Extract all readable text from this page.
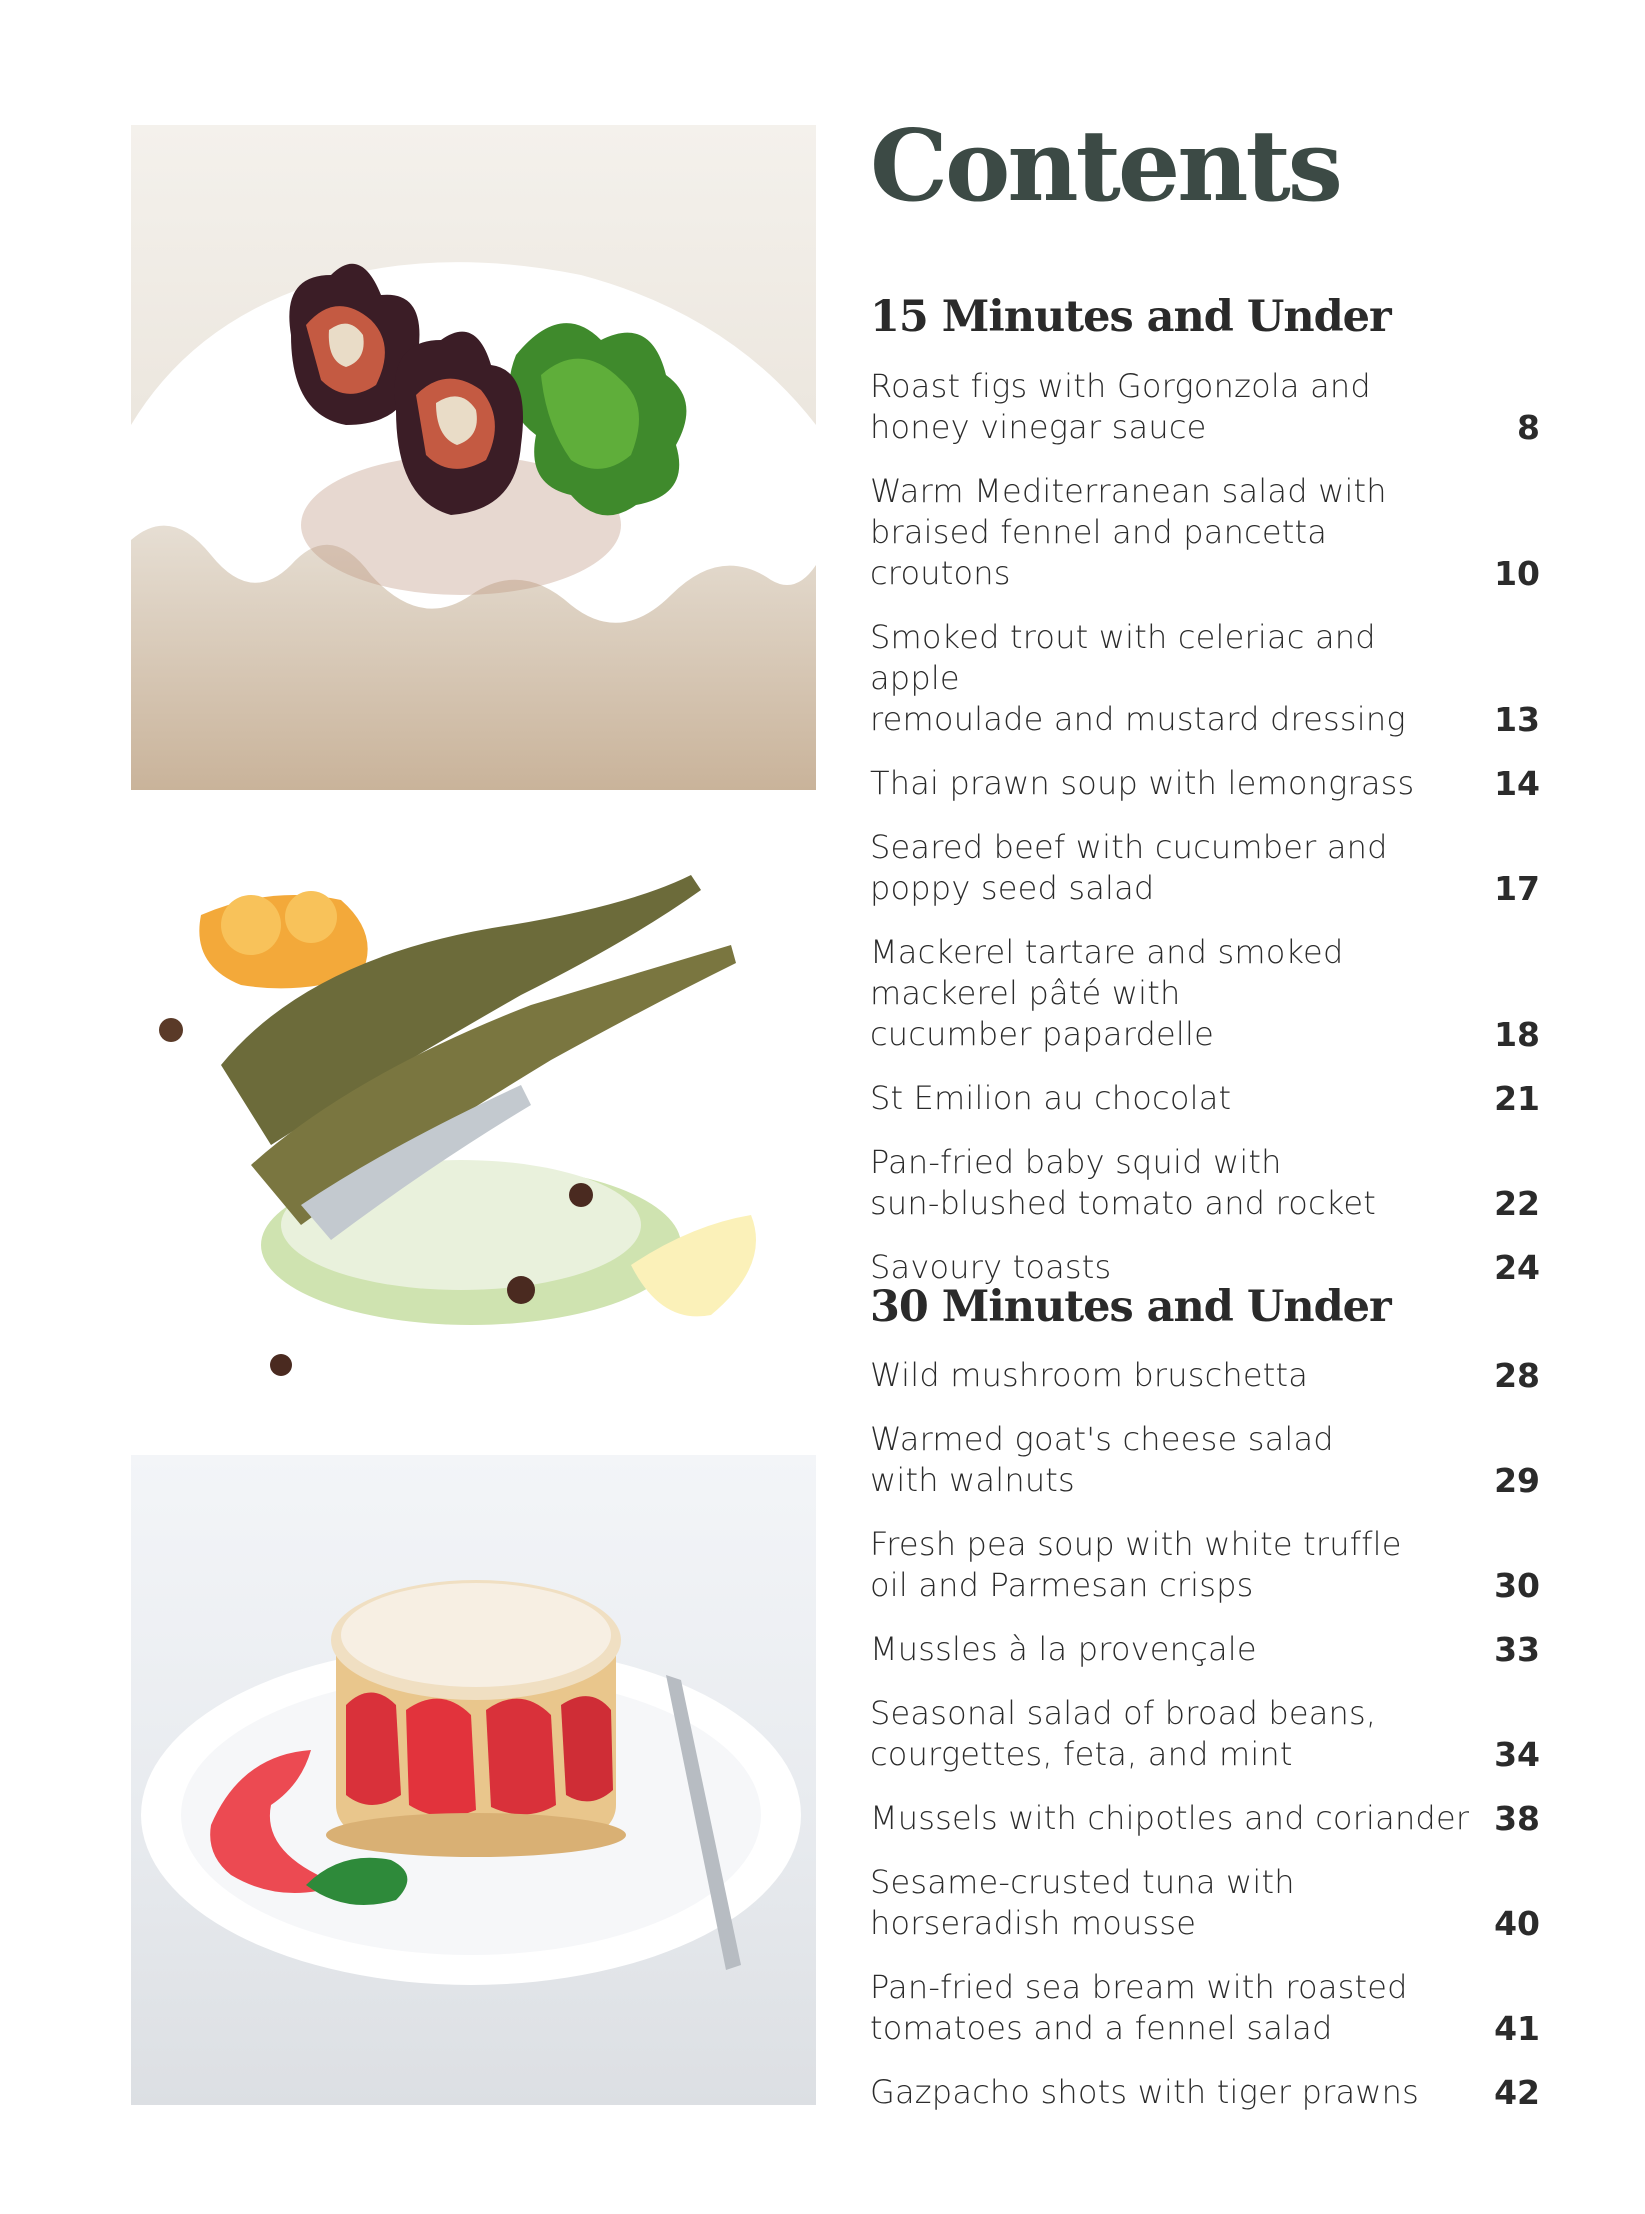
Contents
15 Minutes and Under
Roast figs with Gorgonzola and
honey vinegar sauce	8
Warm Mediterranean salad with
braised fennel and pancetta croutons	10
Smoked trout with celeriac and apple
remoulade and mustard dressing	13
Thai prawn soup with lemongrass	14
Seared beef with cucumber and
poppy seed salad	17
Mackerel tartare and smoked
mackerel pâté with
cucumber papardelle	18
St Emilion au chocolat	21
Pan-fried baby squid with
sun-blushed tomato and rocket	22
Savoury toasts	24
30 Minutes and Under
Wild mushroom bruschetta	28
Warmed goat's cheese salad
with walnuts	29
Fresh pea soup with white truffle
oil and Parmesan crisps	30
Mussles à la provençale	33
Seasonal salad of broad beans,
courgettes, feta, and mint	34
Mussels with chipotles and coriander 38
Sesame-crusted tuna with
horseradish mousse	40
Pan-fried sea bream with roasted
tomatoes and a fennel salad	41
Gazpacho shots with tiger prawns	42
